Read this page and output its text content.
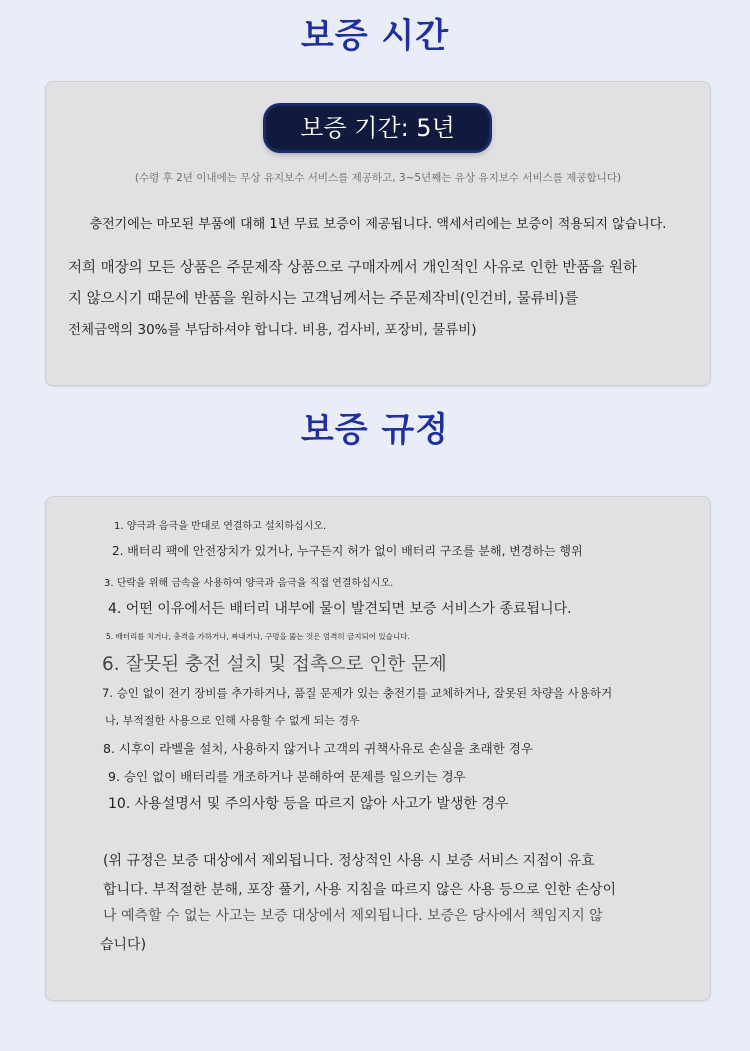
보증 시간
보증 기간: 5년
(수령 후 2년 이내에는 무상 유지보수 서비스를 제공하고, 3~5년째는 유상 유지보수 서비스를 제공합니다)
충전기에는 마모된 부품에 대해 1년 무료 보증이 제공됩니다. 액세서리에는 보증이 적용되지 않습니다.
저희 매장의 모든 상품은 주문제작 상품으로 구매자께서 개인적인 사유로 인한 반품을 원하
지 않으시기 때문에 반품을 원하시는 고객님께서는 주문제작비(인건비, 물류비)를
전체금액의 30%를 부담하셔야 합니다. 비용, 검사비, 포장비, 물류비)
보증 규정
1. 양극과 음극을 반대로 연결하고 설치하십시오.
2. 배터리 팩에 안전장치가 있거나, 누구든지 허가 없이 배터리 구조를 분해, 변경하는 행위
3. 단락을 위해 금속을 사용하여 양극과 음극을 직접 연결하십시오.
4. 어떤 이유에서든 배터리 내부에 물이 발견되면 보증 서비스가 종료됩니다.
5. 배터리를 치거나, 충격을 가하거나, 짜내거나, 구멍을 뚫는 것은 엄격히 금지되어 있습니다.
6. 잘못된 충전 설치 및 접촉으로 인한 문제
7. 승인 없이 전기 장비를 추가하거나, 품질 문제가 있는 충전기를 교체하거나, 잘못된 차량을 사용하거
나, 부적절한 사용으로 인해 사용할 수 없게 되는 경우
8. 시후이 라벨을 설치, 사용하지 않거나 고객의 귀책사유로 손실을 초래한 경우
9. 승인 없이 배터리를 개조하거나 분해하여 문제를 일으키는 경우
10. 사용설명서 및 주의사항 등을 따르지 않아 사고가 발생한 경우
(위 규정은 보증 대상에서 제외됩니다. 정상적인 사용 시 보증 서비스 지점이 유효
합니다. 부적절한 분해, 포장 풀기, 사용 지침을 따르지 않은 사용 등으로 인한 손상이
나 예측할 수 없는 사고는 보증 대상에서 제외됩니다. 보증은 당사에서 책임지지 않
습니다)
